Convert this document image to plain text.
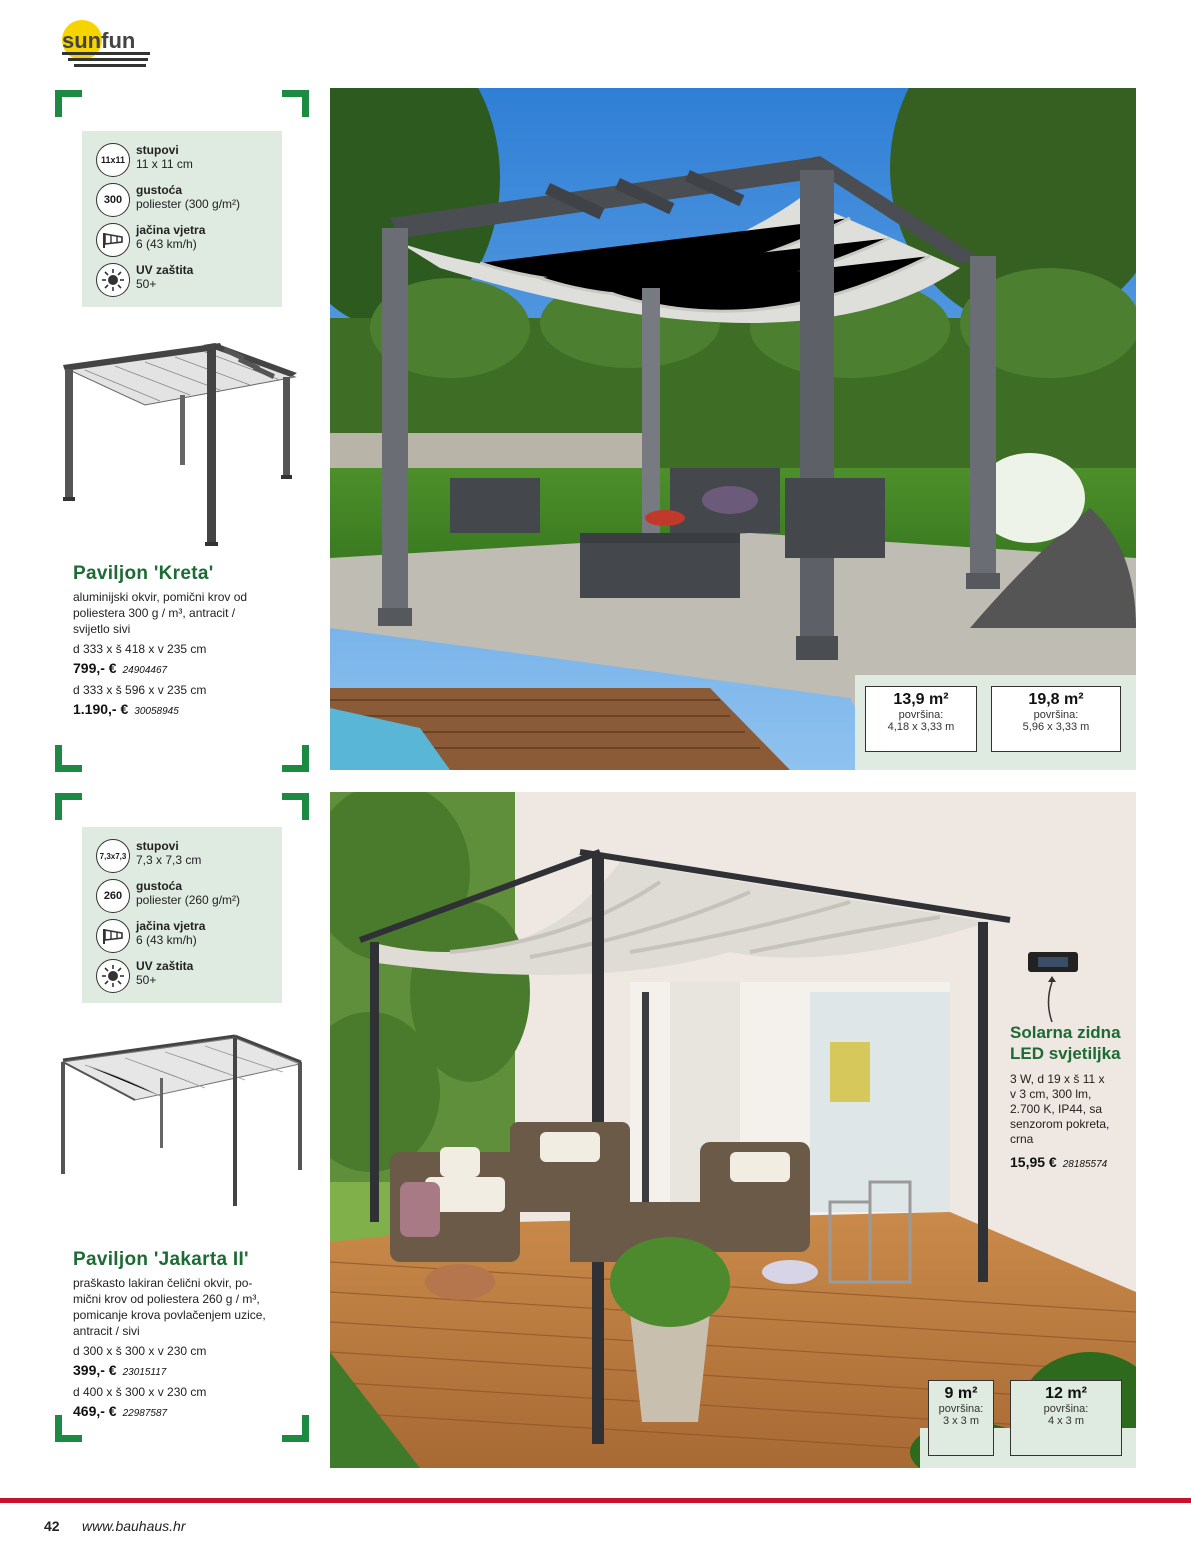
sunfun
11x11
stupovi
11 x 11 cm
300
gustoća
poliester (300 g/m²)
jačina vjetra
6 (43 km/h)
UV zaštita
50+
Paviljon 'Kreta'
aluminijski okvir, pomični krov od
poliestera 300 g / m³, antracit /
svijetlo sivi
d 333 x š 418 x v 235 cm
799,- € 24904467
d 333 x š 596 x v 235 cm
1.190,- € 30058945
13,9 m²
površina:
4,18 x 3,33 m
19,8 m²
površina:
5,96 x 3,33 m
7,3x7,3
stupovi
7,3 x 7,3 cm
260
gustoća
poliester (260 g/m²)
jačina vjetra
6 (43 km/h)
UV zaštita
50+
Paviljon 'Jakarta II'
praškasto lakiran čelični okvir, po-
mični krov od poliestera 260 g / m³,
pomicanje krova povlačenjem uzice,
antracit / sivi
d 300 x š 300 x v 230 cm
399,- € 23015117
d 400 x š 300 x v 230 cm
469,- € 22987587
Solarna zidna
LED svjetiljka
3 W, d 19 x š 11 x
v 3 cm, 300 lm,
2.700 K, IP44, sa
senzorom pokreta,
crna
15,95 € 28185574
9 m²
površina:
3 x 3 m
12 m²
površina:
4 x 3 m
42 www.bauhaus.hr
